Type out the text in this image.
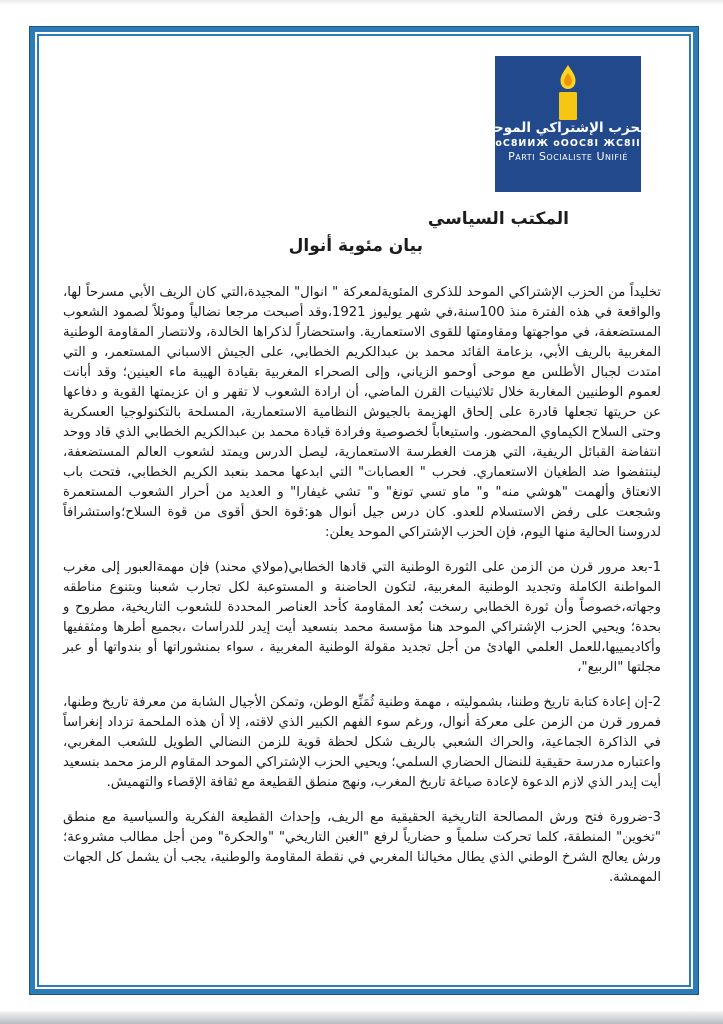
الحزب الإشتراكي الموحد
оС8ИИЖ оООС8І ЖС8ІІ
Parti Socialiste Unifié
المكتب السياسي
بيان مئوية أنوال

تخليداً من الحزب الإشتراكي الموحد للذكرى المئويةلمعركة " انوال" المجيدة،التي كان الريف الأبي مسرحاً لها، والواقعة في هذه الفترة منذ 100سنة،في شهر يوليوز 1921،وقد أصبحت مرجعا نضالياً وموئلاً لصمود الشعوب المستضعفة، في مواجهتها ومقاومتها للقوى الاستعمارية. واستحضاراً لذكراها الخالدة، ولانتصار المقاومة الوطنية المغربية بالريف الأبي، بزعامة القائد محمد بن عبدالكريم الخطابي، على الجيش الاسباني المستعمر، و التي امتدت لجبال الأطلس مع موحى أوحمو الزياني، وإلى الصحراء المغربية بقيادة الهيبة ماء العينين؛ وقد أبانت لعموم الوطنيين المغاربة خلال ثلاثينيات القرن الماضي، أن ارادة الشعوب لا تقهر و ان عزيمتها القوية و دفاعها عن حريتها تجعلها قادرة على إلحاق الهزيمة بالجيوش النظامية الاستعمارية، المسلحة بالتكنولوجيا العسكرية وحتى السلاح الكيماوي المحضور. واستيعاباً لخصوصية وفرادة قيادة محمد بن عبدالكريم الخطابي الذي قاد ووحد انتفاضة القبائل الريفية، التي هزمت الغطرسة الاستعمارية، ليصل الدرس ويمتد لشعوب العالم المستضعفة، لينتفضوا ضد الطغيان الاستعماري. فحرب " العصابات" التي ابدعها محمد بنعبد الكريم الخطابي، فتحت باب الانعتاق وألهمت "هوشي منه" و" ماو تسي تونغ" و" تشي غيفارا" و العديد من أحرار الشعوب المستعمرة وشجعت على رفض الاستسلام للعدو. كان درس جيل أنوال هو:قوة الحق أقوى من قوة السلاح؛واستشرافاً لدروسنا الحالية منها اليوم، فإن الحزب الإشتراكي الموحد يعلن:

1-بعد مرور قرن من الزمن على الثورة الوطنية التي قادها الخطابي(مولاي محند) فإن مهمةالعبور إلى مغرب المواطنة الكاملة وتجديد الوطنية المغربية، لتكون الحاضنة و المستوعبة لكل تجارب شعبنا وبتنوع مناطقه وجهاته،خصوصاً وأن ثورة الخطابي رسخت بُعد المقاومة كأحد العناصر المحددة للشعوب التاريخية، مطروح و بحدة؛ ويحيي الحزب الإشتراكي الموحد هنا مؤسسة محمد بنسعيد أيت إيدر للدراسات ،بجميع أطرها ومثقفيها وأكاديمييها،للعمل العلمي الهادئ من أجل تجديد مقولة الوطنية المغربية ، سواء بمنشوراتها أو بندواتها أو عبر مجلتها "الربيع"،

2-إن إعادة كتابة تاريخ وطننا، بشموليته ، مهمة وطنية ثُمَنِّع الوطن، وتمكن الأجيال الشابة من معرفة تاريخ وطنها، فمرور قرن من الزمن على معركة أنوال، ورغم سوء الفهم الكبير الذي لاقته، إلا أن هذه الملحمة تزداد إنغراساً في الذاكرة الجماعية، والحراك الشعبي بالريف شكل لحظة قوية للزمن النضالي الطويل للشعب المغربي، واعتباره مدرسة حقيقية للنضال الحضاري السلمي؛ ويحيي الحزب الإشتراكي الموحد المقاوم الرمز محمد بنسعيد أيت إيدر الذي لازم الدعوة لإعادة صياغة تاريخ المغرب، ونهج منطق القطيعة مع ثقافة الإقصاء والتهميش.

3-ضرورة فتح ورش المصالحة التاريخية الحقيقية مع الريف، وإحداث القطيعة الفكرية والسياسية مع منطق "تخوين" المنطقة، كلما تحركت سلمياً و حضارياً لرفع "الغبن التاريخي" "والحكرة" ومن أجل مطالب مشروعة؛ ورش يعالج الشرخ الوطني الذي يطال مخيالنا المغربي في نقطة المقاومة والوطنية، يجب أن يشمل كل الجهات المهمشة.
